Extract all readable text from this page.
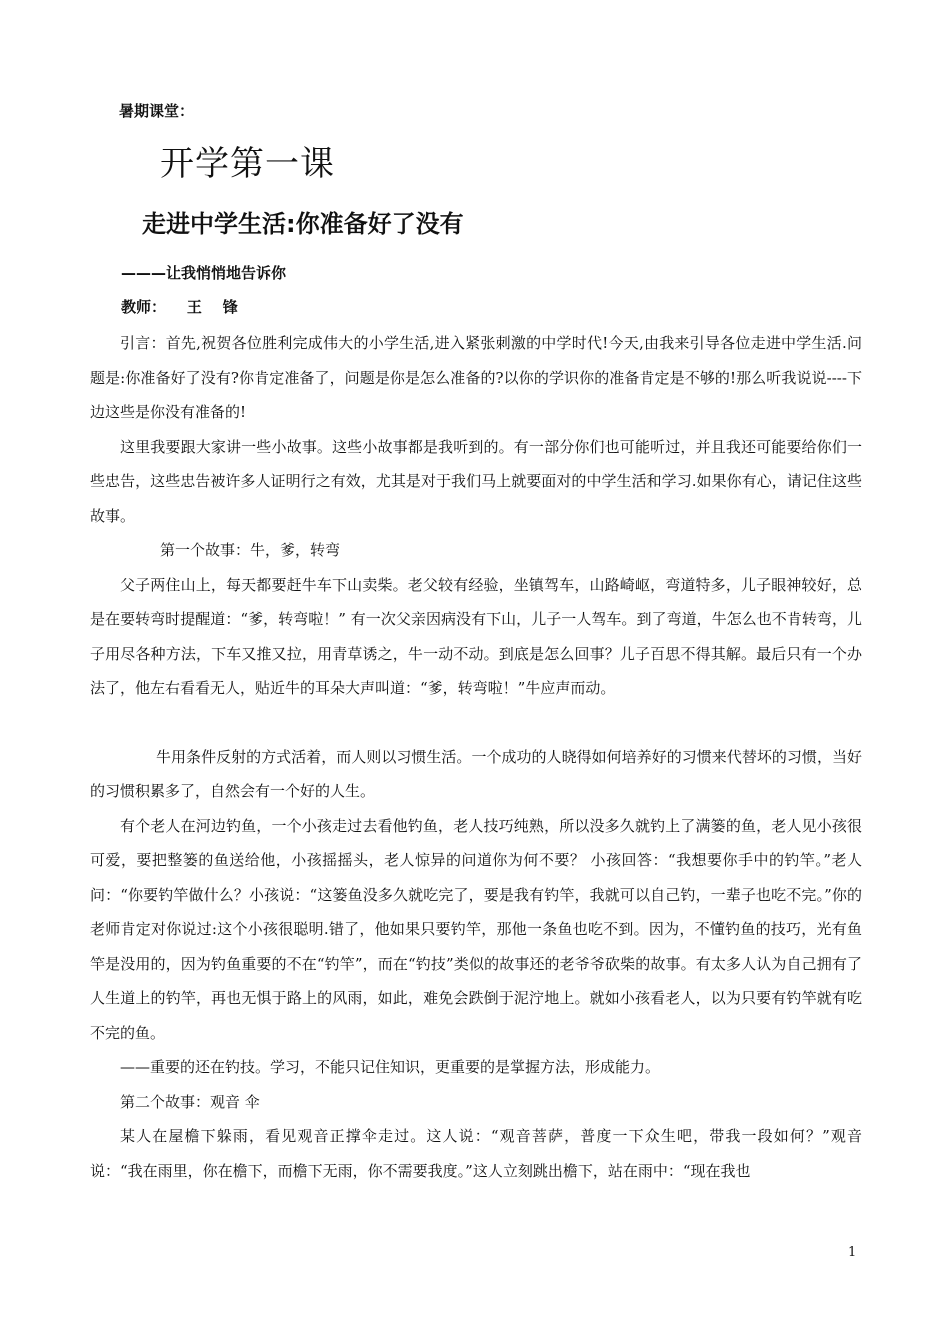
暑期课堂：
开学第一课
走进中学生活:你准备好了没有
———让我悄悄地告诉你
教师：    王    锋

引言：首先,祝贺各位胜利完成伟大的小学生活,进入紧张刺激的中学时代!今天,由我来引导各位走进中学生活.问题是:你准备好了没有?你肯定准备了，问题是你是怎么准备的?以你的学识你的准备肯定是不够的!那么听我说说----下边这些是你没有准备的!

这里我要跟大家讲一些小故事。这些小故事都是我听到的。有一部分你们也可能听过，并且我还可能要给你们一些忠告，这些忠告被许多人证明行之有效，尤其是对于我们马上就要面对的中学生活和学习.如果你有心，请记住这些故事。

第一个故事：牛，爹，转弯

父子两住山上，每天都要赶牛车下山卖柴。老父较有经验，坐镇驾车，山路崎岖，弯道特多，儿子眼神较好，总是在要转弯时提醒道：“爹，转弯啦！” 有一次父亲因病没有下山，儿子一人驾车。到了弯道，牛怎么也不肯转弯，儿子用尽各种方法，下车又推又拉，用青草诱之，牛一动不动。到底是怎么回事？儿子百思不得其解。最后只有一个办法了，他左右看看无人，贴近牛的耳朵大声叫道：“爹，转弯啦！”牛应声而动。

牛用条件反射的方式活着，而人则以习惯生活。一个成功的人晓得如何培养好的习惯来代替坏的习惯，当好的习惯积累多了，自然会有一个好的人生。

有个老人在河边钓鱼，一个小孩走过去看他钓鱼，老人技巧纯熟，所以没多久就钓上了满篓的鱼，老人见小孩很可爱，要把整篓的鱼送给他，小孩摇摇头，老人惊异的问道你为何不要？ 小孩回答：“我想要你手中的钓竿。”老人问：“你要钓竿做什么？小孩说：“这篓鱼没多久就吃完了，要是我有钓竿，我就可以自己钓，一辈子也吃不完。”你的老师肯定对你说过:这个小孩很聪明.错了，他如果只要钓竿，那他一条鱼也吃不到。因为，不懂钓鱼的技巧，光有鱼竿是没用的，因为钓鱼重要的不在“钓竿”，而在“钓技”类似的故事还的老爷爷砍柴的故事。有太多人认为自己拥有了人生道上的钓竿，再也无惧于路上的风雨，如此，难免会跌倒于泥泞地上。就如小孩看老人，以为只要有钓竿就有吃不完的鱼。

——重要的还在钓技。学习，不能只记住知识，更重要的是掌握方法，形成能力。

第二个故事：观音 伞

某人在屋檐下躲雨，看见观音正撑伞走过。这人说：“观音菩萨，普度一下众生吧，带我一段如何？”观音说：“我在雨里，你在檐下，而檐下无雨，你不需要我度。”这人立刻跳出檐下，站在雨中：“现在我也

1
